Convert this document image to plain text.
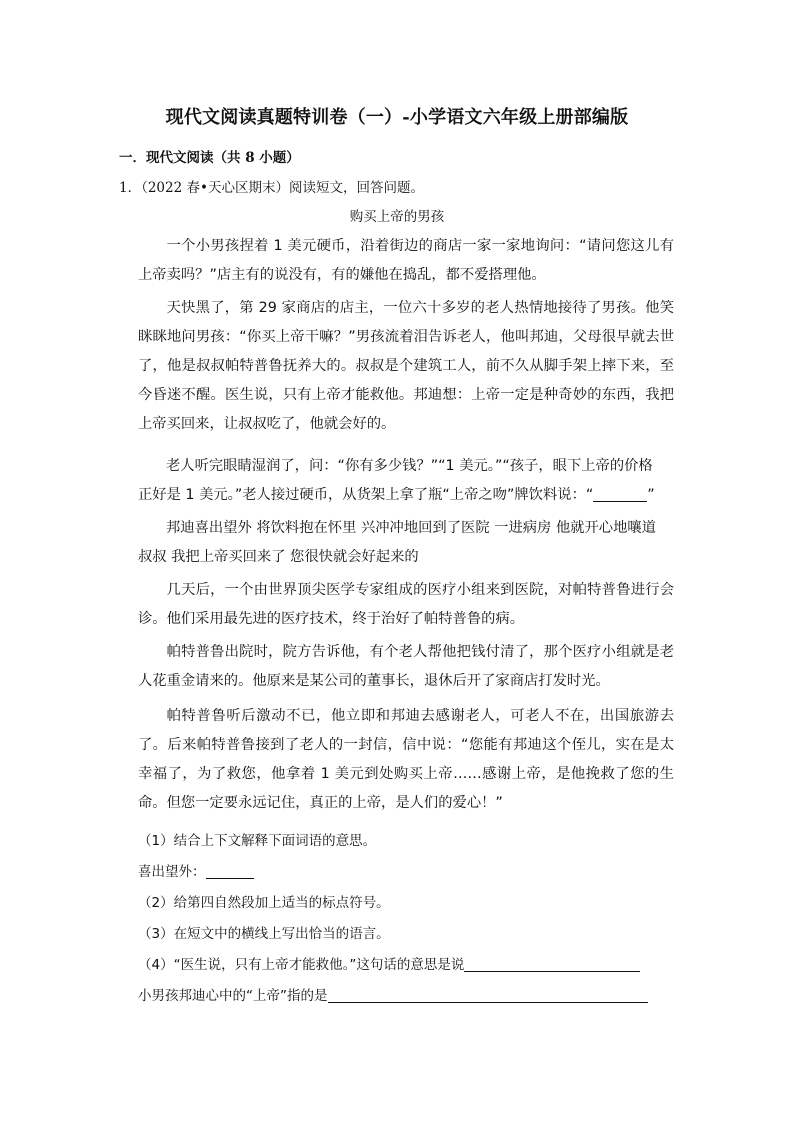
现代文阅读真题特训卷（一）-小学语文六年级上册部编版
一．现代文阅读（共 8 小题）
1．（2022 春•天心区期末）阅读短文，回答问题。
购买上帝的男孩

一个小男孩捏着 1 美元硬币，沿着街边的商店一家一家地询问：“请问您这儿有上帝卖吗？”店主有的说没有，有的嫌他在捣乱，都不爱搭理他。

天快黑了，第 29 家商店的店主，一位六十多岁的老人热情地接待了男孩。他笑眯眯地问男孩：“你买上帝干嘛？”男孩流着泪告诉老人，他叫邦迪，父母很早就去世了，他是叔叔帕特普鲁抚养大的。叔叔是个建筑工人，前不久从脚手架上摔下来，至今昏迷不醒。医生说，只有上帝才能救他。邦迪想：上帝一定是种奇妙的东西，我把上帝买回来，让叔叔吃了，他就会好的。

老人听完眼睛湿润了，问：“你有多少钱？”“1 美元。”“孩子，眼下上帝的价格
正好是 1 美元。”老人接过硬币，从货架上拿了瓶“上帝之吻”牌饮料说：“	”
邦迪喜出望外 将饮料抱在怀里 兴冲冲地回到了医院 一进病房 他就开心地嚷道
叔叔 我把上帝买回来了 您很快就会好起来的

几天后，一个由世界顶尖医学专家组成的医疗小组来到医院，对帕特普鲁进行会诊。他们采用最先进的医疗技术，终于治好了帕特普鲁的病。

帕特普鲁出院时，院方告诉他，有个老人帮他把钱付清了，那个医疗小组就是老人花重金请来的。他原来是某公司的董事长，退休后开了家商店打发时光。

帕特普鲁听后激动不已，他立即和邦迪去感谢老人，可老人不在，出国旅游去了。后来帕特普鲁接到了老人的一封信，信中说：“您能有邦迪这个侄儿，实在是太幸福了，为了救您，他拿着 1 美元到处购买上帝……感谢上帝，是他挽救了您的生命。但您一定要永远记住，真正的上帝，是人们的爱心！”

（1）结合上下文解释下面词语的意思。
喜出望外：
（2）给第四自然段加上适当的标点符号。
（3）在短文中的横线上写出恰当的语言。
（4）“医生说，只有上帝才能救他。”这句话的意思是说
小男孩邦迪心中的“上帝”指的是
